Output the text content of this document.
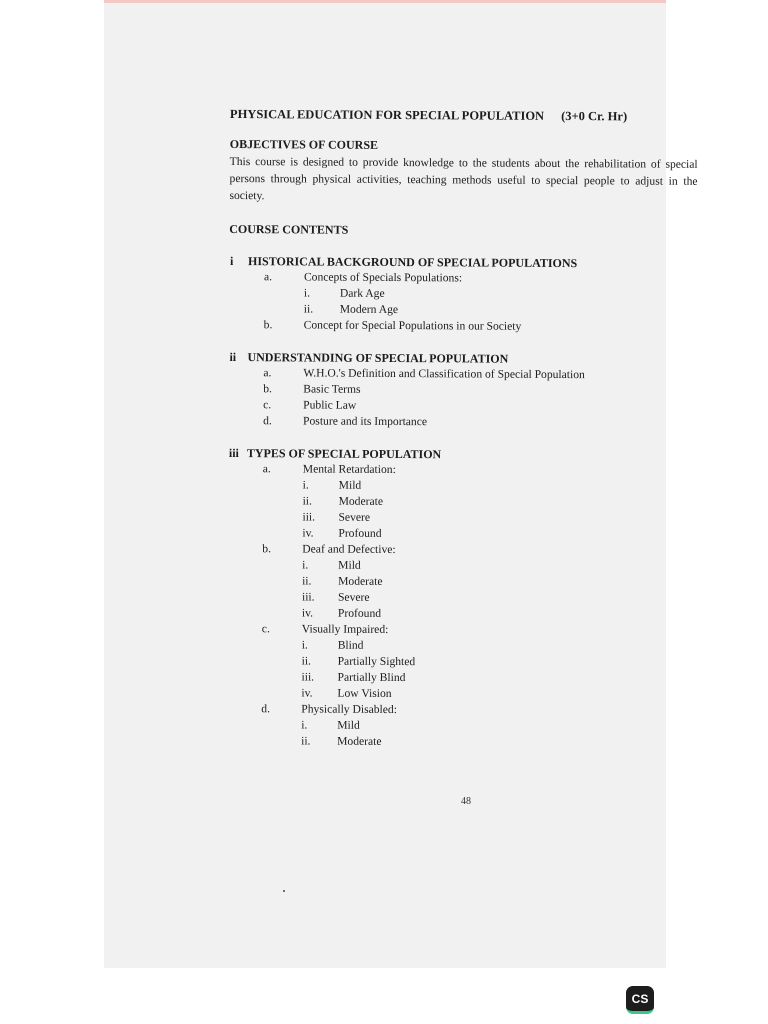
PHYSICAL EDUCATION FOR SPECIAL POPULATION (3+0 Cr. Hr)
OBJECTIVES OF COURSE
This course is designed to provide knowledge to the students about the rehabilitation of special persons through physical activities, teaching methods useful to special people to adjust in the society.
COURSE CONTENTS
i	HISTORICAL BACKGROUND OF SPECIAL POPULATIONS
a.	Concepts of Specials Populations:
i.	Dark Age
ii.	Modern Age
b.	Concept for Special Populations in our Society
ii UNDERSTANDING OF SPECIAL POPULATION
a.	W.H.O.'s Definition and Classification of Special Population
b.	Basic Terms
c.	Public Law
d.	Posture and its Importance
iii TYPES OF SPECIAL POPULATION
a.	Mental Retardation:
i.	Mild
ii.	Moderate
iii.	Severe
iv.	Profound
b.	Deaf and Defective:
i.	Mild
ii.	Moderate
iii.	Severe
iv.	Profound
c.	Visually Impaired:
i.	Blind
ii.	Partially Sighted
iii.	Partially Blind
iv.	Low Vision
d.	Physically Disabled:
i.	Mild
ii.	Moderate
48
CS
